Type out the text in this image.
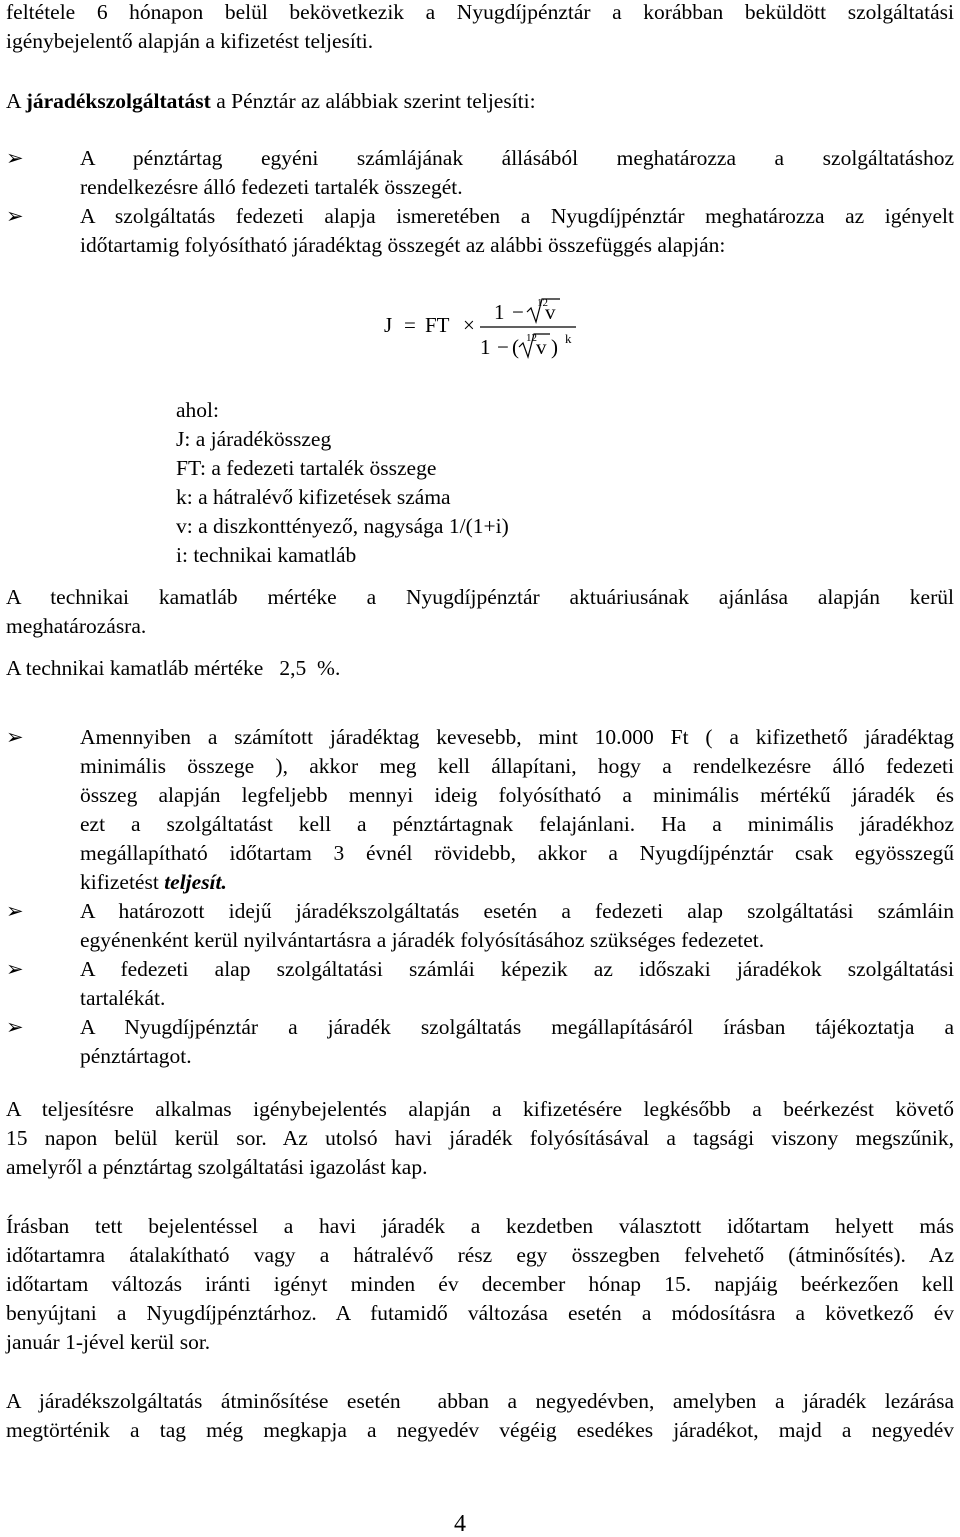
feltétele 6 hónapon belül bekövetkezik a Nyugdíjpénztár a korábban beküldött szolgáltatási
igénybejelentő alapján a kifizetést teljesíti.
A járadékszolgáltatást a Pénztár az alábbiak szerint teljesíti:
➢	A pénztártag egyéni számlájának állásából meghatározza a szolgáltatáshoz
rendelkezésre álló fedezeti tartalék összegét.
➢	A szolgáltatás fedezeti alapja ismeretében a Nyugdíjpénztár meghatározza az igényelt
időtartamig folyósítható járadéktag összegét az alábbi összefüggés alapján:
J = FT ×
1 − 12
v
1 − ( 12 v ) k
ahol:
J: a járadékösszeg
FT: a fedezeti tartalék összege
k: a hátralévő kifizetések száma
v: a diszkonttényező, nagysága 1/(1+i)
i: technikai kamatláb
A technikai kamatláb mértéke a Nyugdíjpénztár aktuáriusának ajánlása alapján kerül
meghatározásra.
A technikai kamatláb mértéke   2,5  %.
➢	Amennyiben a számított járadéktag kevesebb, mint 10.000 Ft ( a kifizethető járadéktag
minimális összege ), akkor meg kell állapítani, hogy a rendelkezésre álló fedezeti
összeg alapján legfeljebb mennyi ideig folyósítható a minimális mértékű járadék és
ezt a szolgáltatást kell a pénztártagnak felajánlani. Ha a minimális járadékhoz
megállapítható időtartam 3 évnél rövidebb, akkor a Nyugdíjpénztár csak egyösszegű
kifizetést teljesít.
➢	A határozott idejű járadékszolgáltatás esetén a fedezeti alap szolgáltatási számláin
egyénenként kerül nyilvántartásra a járadék folyósításához szükséges fedezetet.
➢	A fedezeti alap szolgáltatási számlái képezik az időszaki járadékok szolgáltatási
tartalékát.
➢	A Nyugdíjpénztár a járadék szolgáltatás megállapításáról írásban tájékoztatja a
pénztártagot.
A teljesítésre alkalmas igénybejelentés alapján a kifizetésére legkésőbb a beérkezést követő
15 napon belül kerül sor. Az utolsó havi járadék folyósításával a tagsági viszony megszűnik,
amelyről a pénztártag szolgáltatási igazolást kap.
Írásban tett bejelentéssel a havi járadék a kezdetben választott időtartam helyett más
időtartamra átalakítható vagy a hátralévő rész egy összegben felvehető (átminősítés). Az
időtartam változás iránti igényt minden év december hónap 15. napjáig beérkezően kell
benyújtani a Nyugdíjpénztárhoz. A futamidő változása esetén a módosításra a következő év
január 1-jével kerül sor.
A járadékszolgáltatás átminősítése esetén  abban a negyedévben, amelyben a járadék lezárása
megtörténik a tag még megkapja a negyedév végéig esedékes járadékot, majd a negyedév
4
